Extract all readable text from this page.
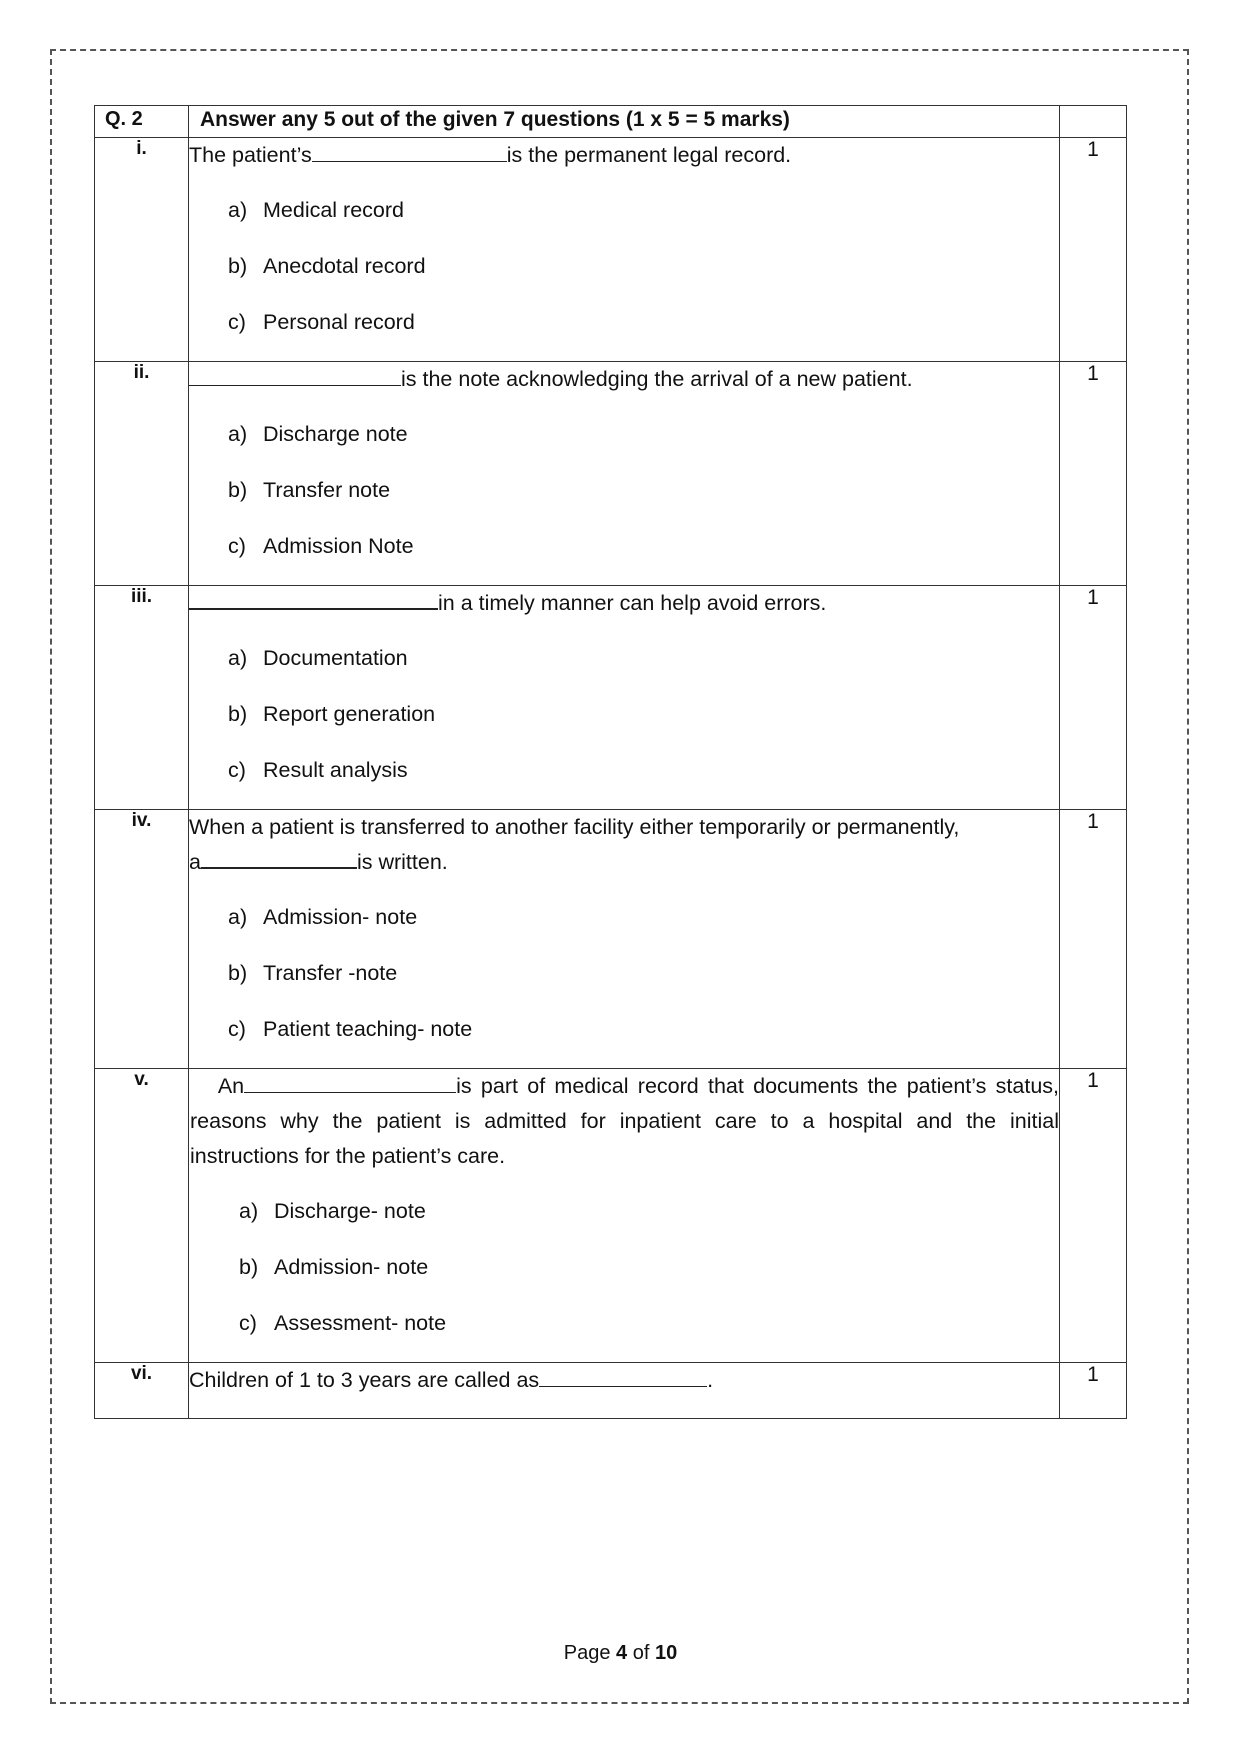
Q. 2	Answer any 5 out of the given 7 questions (1 x 5 = 5 marks)	
i.	The patient’s is the permanent legal record.
a) Medical record
b) Anecdotal record
c) Personal record	1
ii.	is the note acknowledging the arrival of a new patient.
a) Discharge note
b) Transfer note
c) Admission Note	1
iii.	in a timely manner can help avoid errors.
a) Documentation
b) Report generation
c) Result analysis	1
iv.	When a patient is transferred to another facility either temporarily or permanently,
a is written.
a) Admission- note
b) Transfer -note
c) Patient teaching- note	1
v.	An is part of medical record that documents the patient’s status, reasons why the patient is admitted for inpatient care to a hospital and the initial instructions for the patient’s care.
a) Discharge- note
b) Admission- note
c) Assessment- note	1
vi.	Children of 1 to 3 years are called as .	1
Page 4 of 10
